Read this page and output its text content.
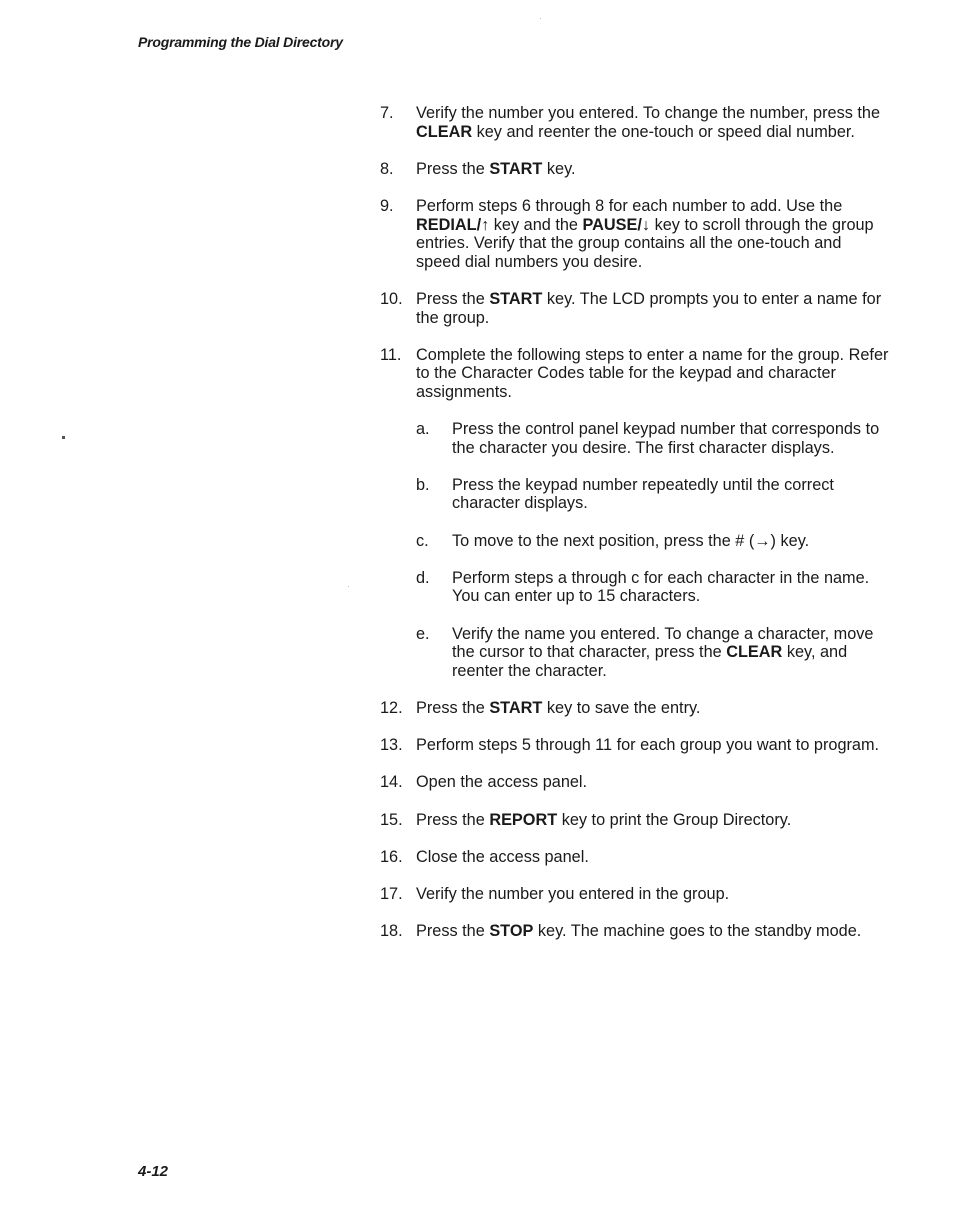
Programming the Dial Directory
7.	Verify the number you entered. To change the number, press the CLEAR key and reenter the one-touch or speed dial number.
8.	Press the START key.
9.	Perform steps 6 through 8 for each number to add. Use the REDIAL/↑ key and the PAUSE/↓ key to scroll through the group entries. Verify that the group contains all the one-touch and speed dial numbers you desire.
10. Press the START key. The LCD prompts you to enter a name for the group.
11. Complete the following steps to enter a name for the group. Refer to the Character Codes table for the keypad and character assignments.
a.	Press the control panel keypad number that corresponds to the character you desire. The first character displays.
b.	Press the keypad number repeatedly until the correct character displays.
c.	To move to the next position, press the # (→) key.
d.	Perform steps a through c for each character in the name. You can enter up to 15 characters.
e.	Verify the name you entered. To change a character, move the cursor to that character, press the CLEAR key, and reenter the character.
12. Press the START key to save the entry.
13. Perform steps 5 through 11 for each group you want to program.
14. Open the access panel.
15. Press the REPORT key to print the Group Directory.
16. Close the access panel.
17. Verify the number you entered in the group.
18. Press the STOP key. The machine goes to the standby mode.
4-12
